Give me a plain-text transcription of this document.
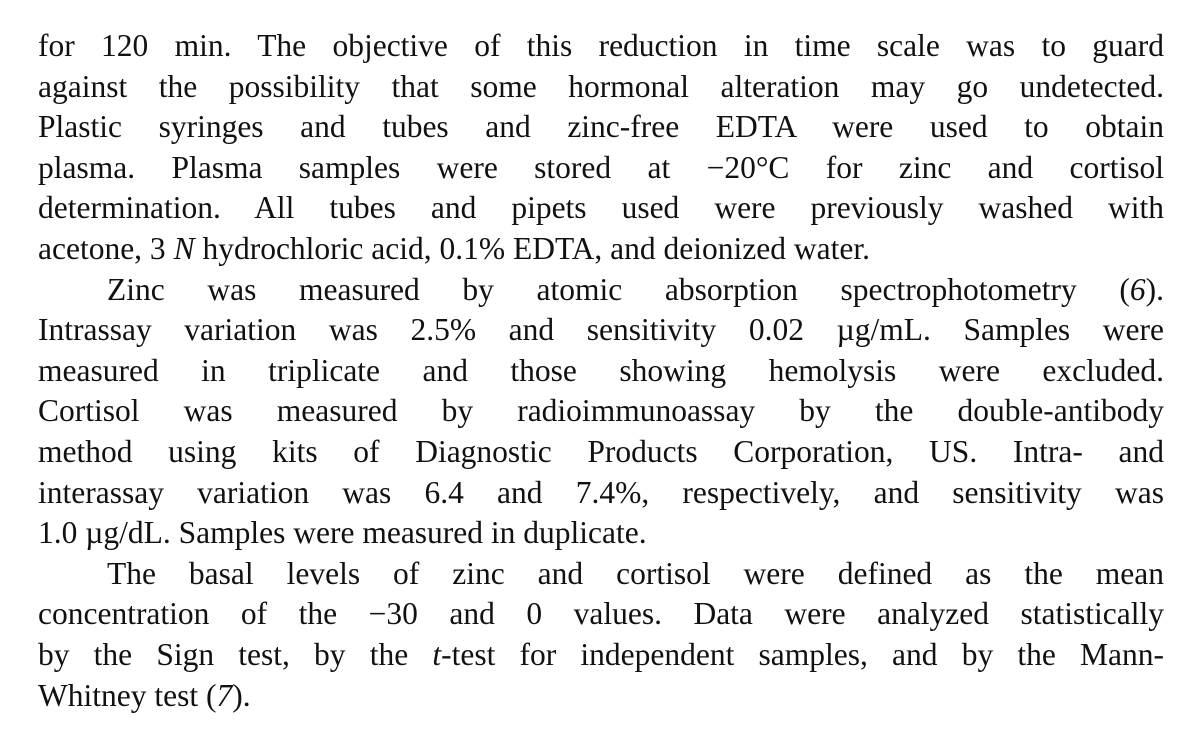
for 120 min. The objective of this reduction in time scale was to guard
against the possibility that some hormonal alteration may go undetected.
Plastic syringes and tubes and zinc-free EDTA were used to obtain
plasma. Plasma samples were stored at −20°C for zinc and cortisol
determination. All tubes and pipets used were previously washed with
acetone, 3 N hydrochloric acid, 0.1% EDTA, and deionized water.
Zinc was measured by atomic absorption spectrophotometry (6).
Intrassay variation was 2.5% and sensitivity 0.02 µg/mL. Samples were
measured in triplicate and those showing hemolysis were excluded.
Cortisol was measured by radioimmunoassay by the double-antibody
method using kits of Diagnostic Products Corporation, US. Intra- and
interassay variation was 6.4 and 7.4%, respectively, and sensitivity was
1.0 µg/dL. Samples were measured in duplicate.
The basal levels of zinc and cortisol were defined as the mean
concentration of the −30 and 0 values. Data were analyzed statistically
by the Sign test, by the t-test for independent samples, and by the Mann-
Whitney test (7).
